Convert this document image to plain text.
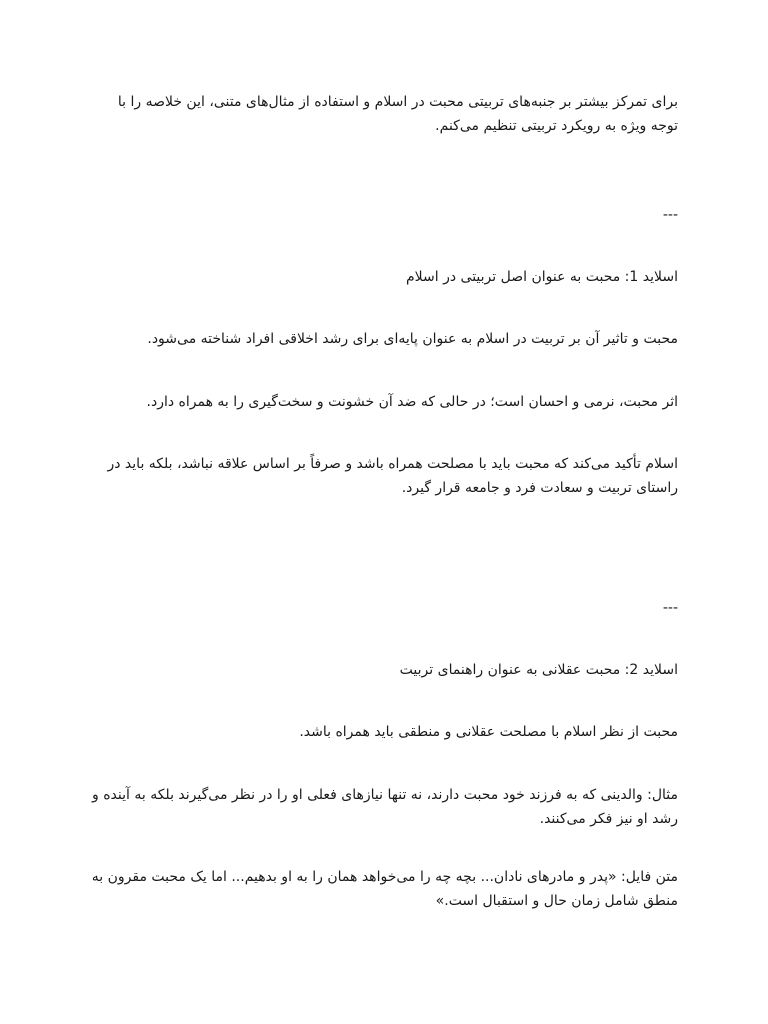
برای تمرکز بیشتر بر جنبه‌های تربیتی محبت در اسلام و استفاده از مثال‌های متنی، این خلاصه را با توجه ویژه به رویکرد تربیتی تنظیم می‌کنم.

---

اسلاید 1: محبت به عنوان اصل تربیتی در اسلام

محبت و تاثیر آن بر تربیت در اسلام به عنوان پایه‌ای برای رشد اخلاقی افراد شناخته می‌شود.

اثر محبت، نرمی و احسان است؛ در حالی که ضد آن خشونت و سخت‌گیری را به همراه دارد.

اسلام تأکید می‌کند که محبت باید با مصلحت همراه باشد و صرفاً بر اساس علاقه نباشد، بلکه باید در راستای تربیت و سعادت فرد و جامعه قرار گیرد.

---

اسلاید 2: محبت عقلانی به عنوان راهنمای تربیت

محبت از نظر اسلام با مصلحت عقلانی و منطقی باید همراه باشد.

مثال: والدینی که به فرزند خود محبت دارند، نه تنها نیازهای فعلی او را در نظر می‌گیرند بلکه به آینده و رشد او نیز فکر می‌کنند.

متن فایل: «پدر و مادرهای نادان... بچه چه را می‌خواهد همان را به او بدهیم... اما یک محبت مقرون به منطق شامل زمان حال و استقبال است.»
